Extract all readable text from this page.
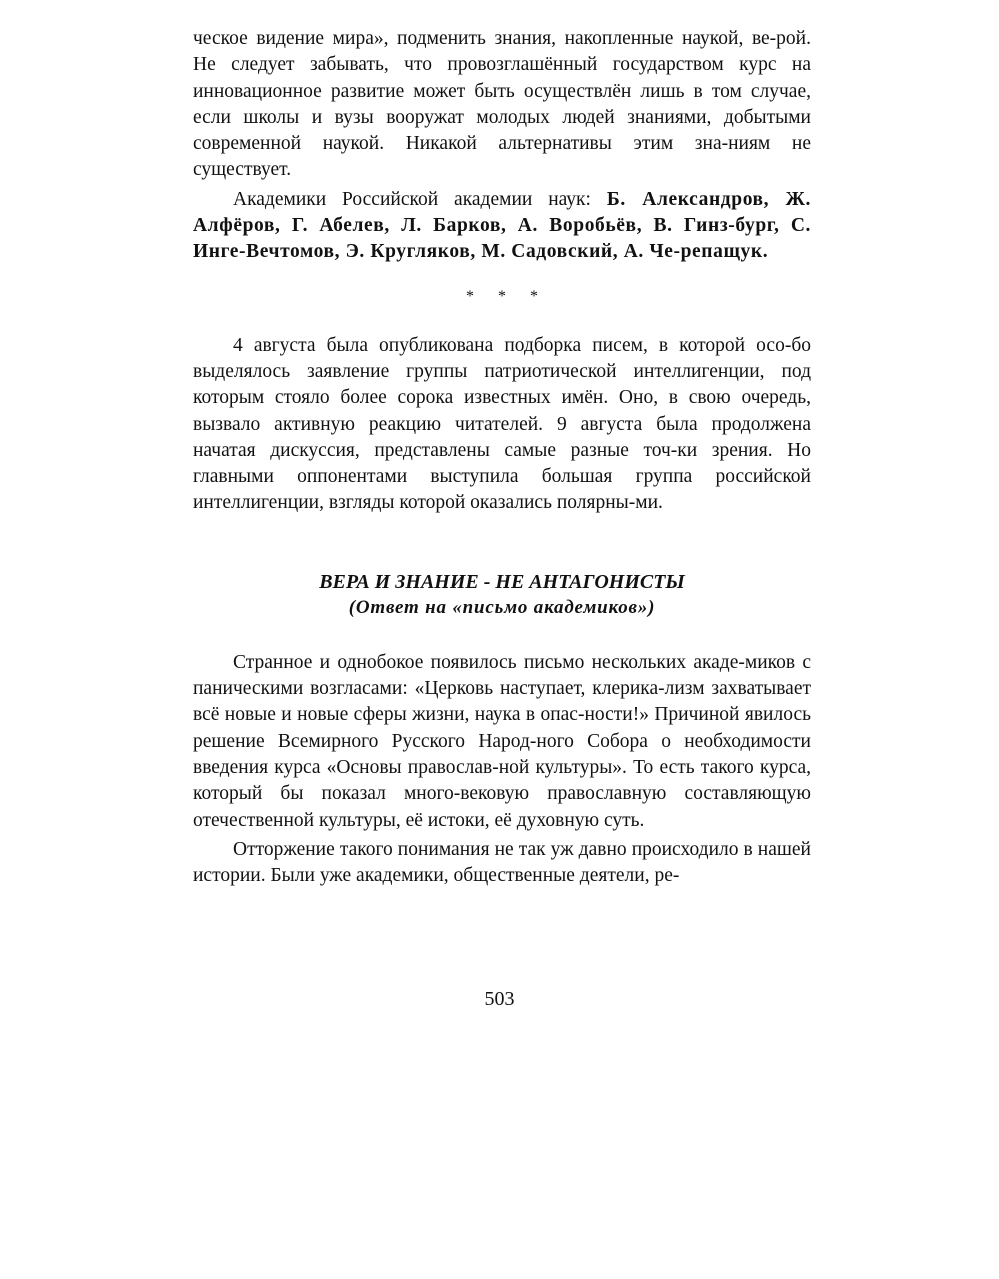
ческое видение мира», подменить знания, накопленные наукой, ве-рой. Не следует забывать, что провозглашённый государством курс на инновационное развитие может быть осуществлён лишь в том случае, если школы и вузы вооружат молодых людей знаниями, добытыми современной наукой. Никакой альтернативы этим зна-ниям не существует.

Академики Российской академии наук: Б. Александров, Ж. Алфёров, Г. Абелев, Л. Барков, А. Воробьёв, В. Гинз-бург, С. Инге-Вечтомов, Э. Кругляков, М. Садовский, А. Че-репащук.

* * *

4 августа была опубликована подборка писем, в которой осо-бо выделялось заявление группы патриотической интеллигенции, под которым стояло более сорока известных имён. Оно, в свою очередь, вызвало активную реакцию читателей. 9 августа была продолжена начатая дискуссия, представлены самые разные точ-ки зрения. Но главными оппонентами выступила большая группа российской интеллигенции, взгляды которой оказались полярны-ми.

ВЕРА И ЗНАНИЕ - НЕ АНТАГОНИСТЫ
(Ответ на «письмо академиков»)

Странное и однобокое появилось письмо нескольких акаде-миков с паническими возгласами: «Церковь наступает, клерика-лизм захватывает всё новые и новые сферы жизни, наука в опас-ности!» Причиной явилось решение Всемирного Русского Народ-ного Собора о необходимости введения курса «Основы православ-ной культуры». То есть такого курса, который бы показал много-вековую православную составляющую отечественной культуры, её истоки, её духовную суть.

Отторжение такого понимания не так уж давно происходило в нашей истории. Были уже академики, общественные деятели, ре-

503
